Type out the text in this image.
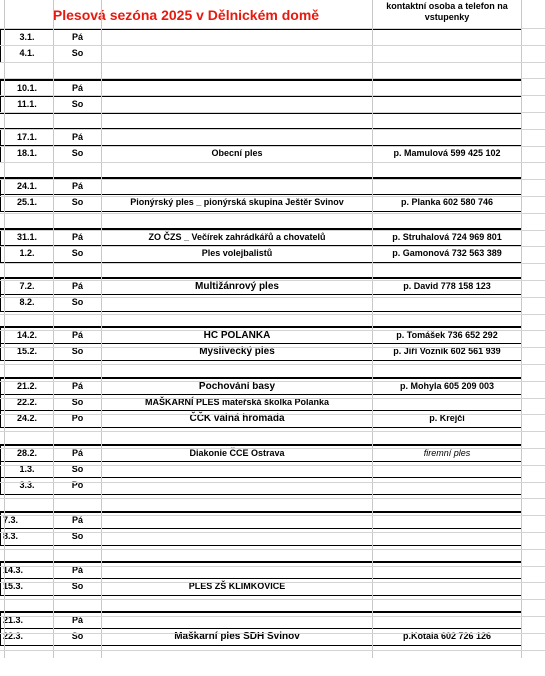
Plesová sezóna 2025 v Dělnickém domě
kontaktní osoba a telefon na vstupenky
3.1.	Pá
4.1.	So
10.1.	Pá
11.1.	So
17.1.	Pá
18.1.	So	Obecní ples	p. Mamulová 599 425 102
24.1.	Pá
25.1.	So	Pionýrský ples _ pionýrská skupina Ještěr Svinov	p. Planka 602 580 746
31.1.	Pá	ZO ČZS _ Večírek zahrádkářů a chovatelů	p. Struhalová 724 969 801
1.2.	So	Ples volejbalistů	p. Gamonová 732 563 389
7.2.	Pá	Multižánrový ples	p. David 778 158 123
8.2.	So
14.2.	Pá	HC POLANKA	p. Tomášek 736 652 292
15.2.	So	Myslivecký ples	p. Jiří Vozník 602 561 939
21.2.	Pá	Pochování basy	p. Mohyla 605 209 003
22.2.	So	MAŠKARNÍ PLES mateřská školka Polanka
24.2.	Po	ČČK valná hromada	p. Krejčí
28.2.	Pá	Diakonie ČCE Ostrava	firemní ples
1.3.	So
3.3.	Po
7.3.	Pá
8.3.	So
14.3.	Pá
15.3.	So	PLES ZŠ KLIMKOVICE
21.3.	Pá
22.3.	So	Maškarní ples SDH Svinov	p.Kotala 602 726 126
